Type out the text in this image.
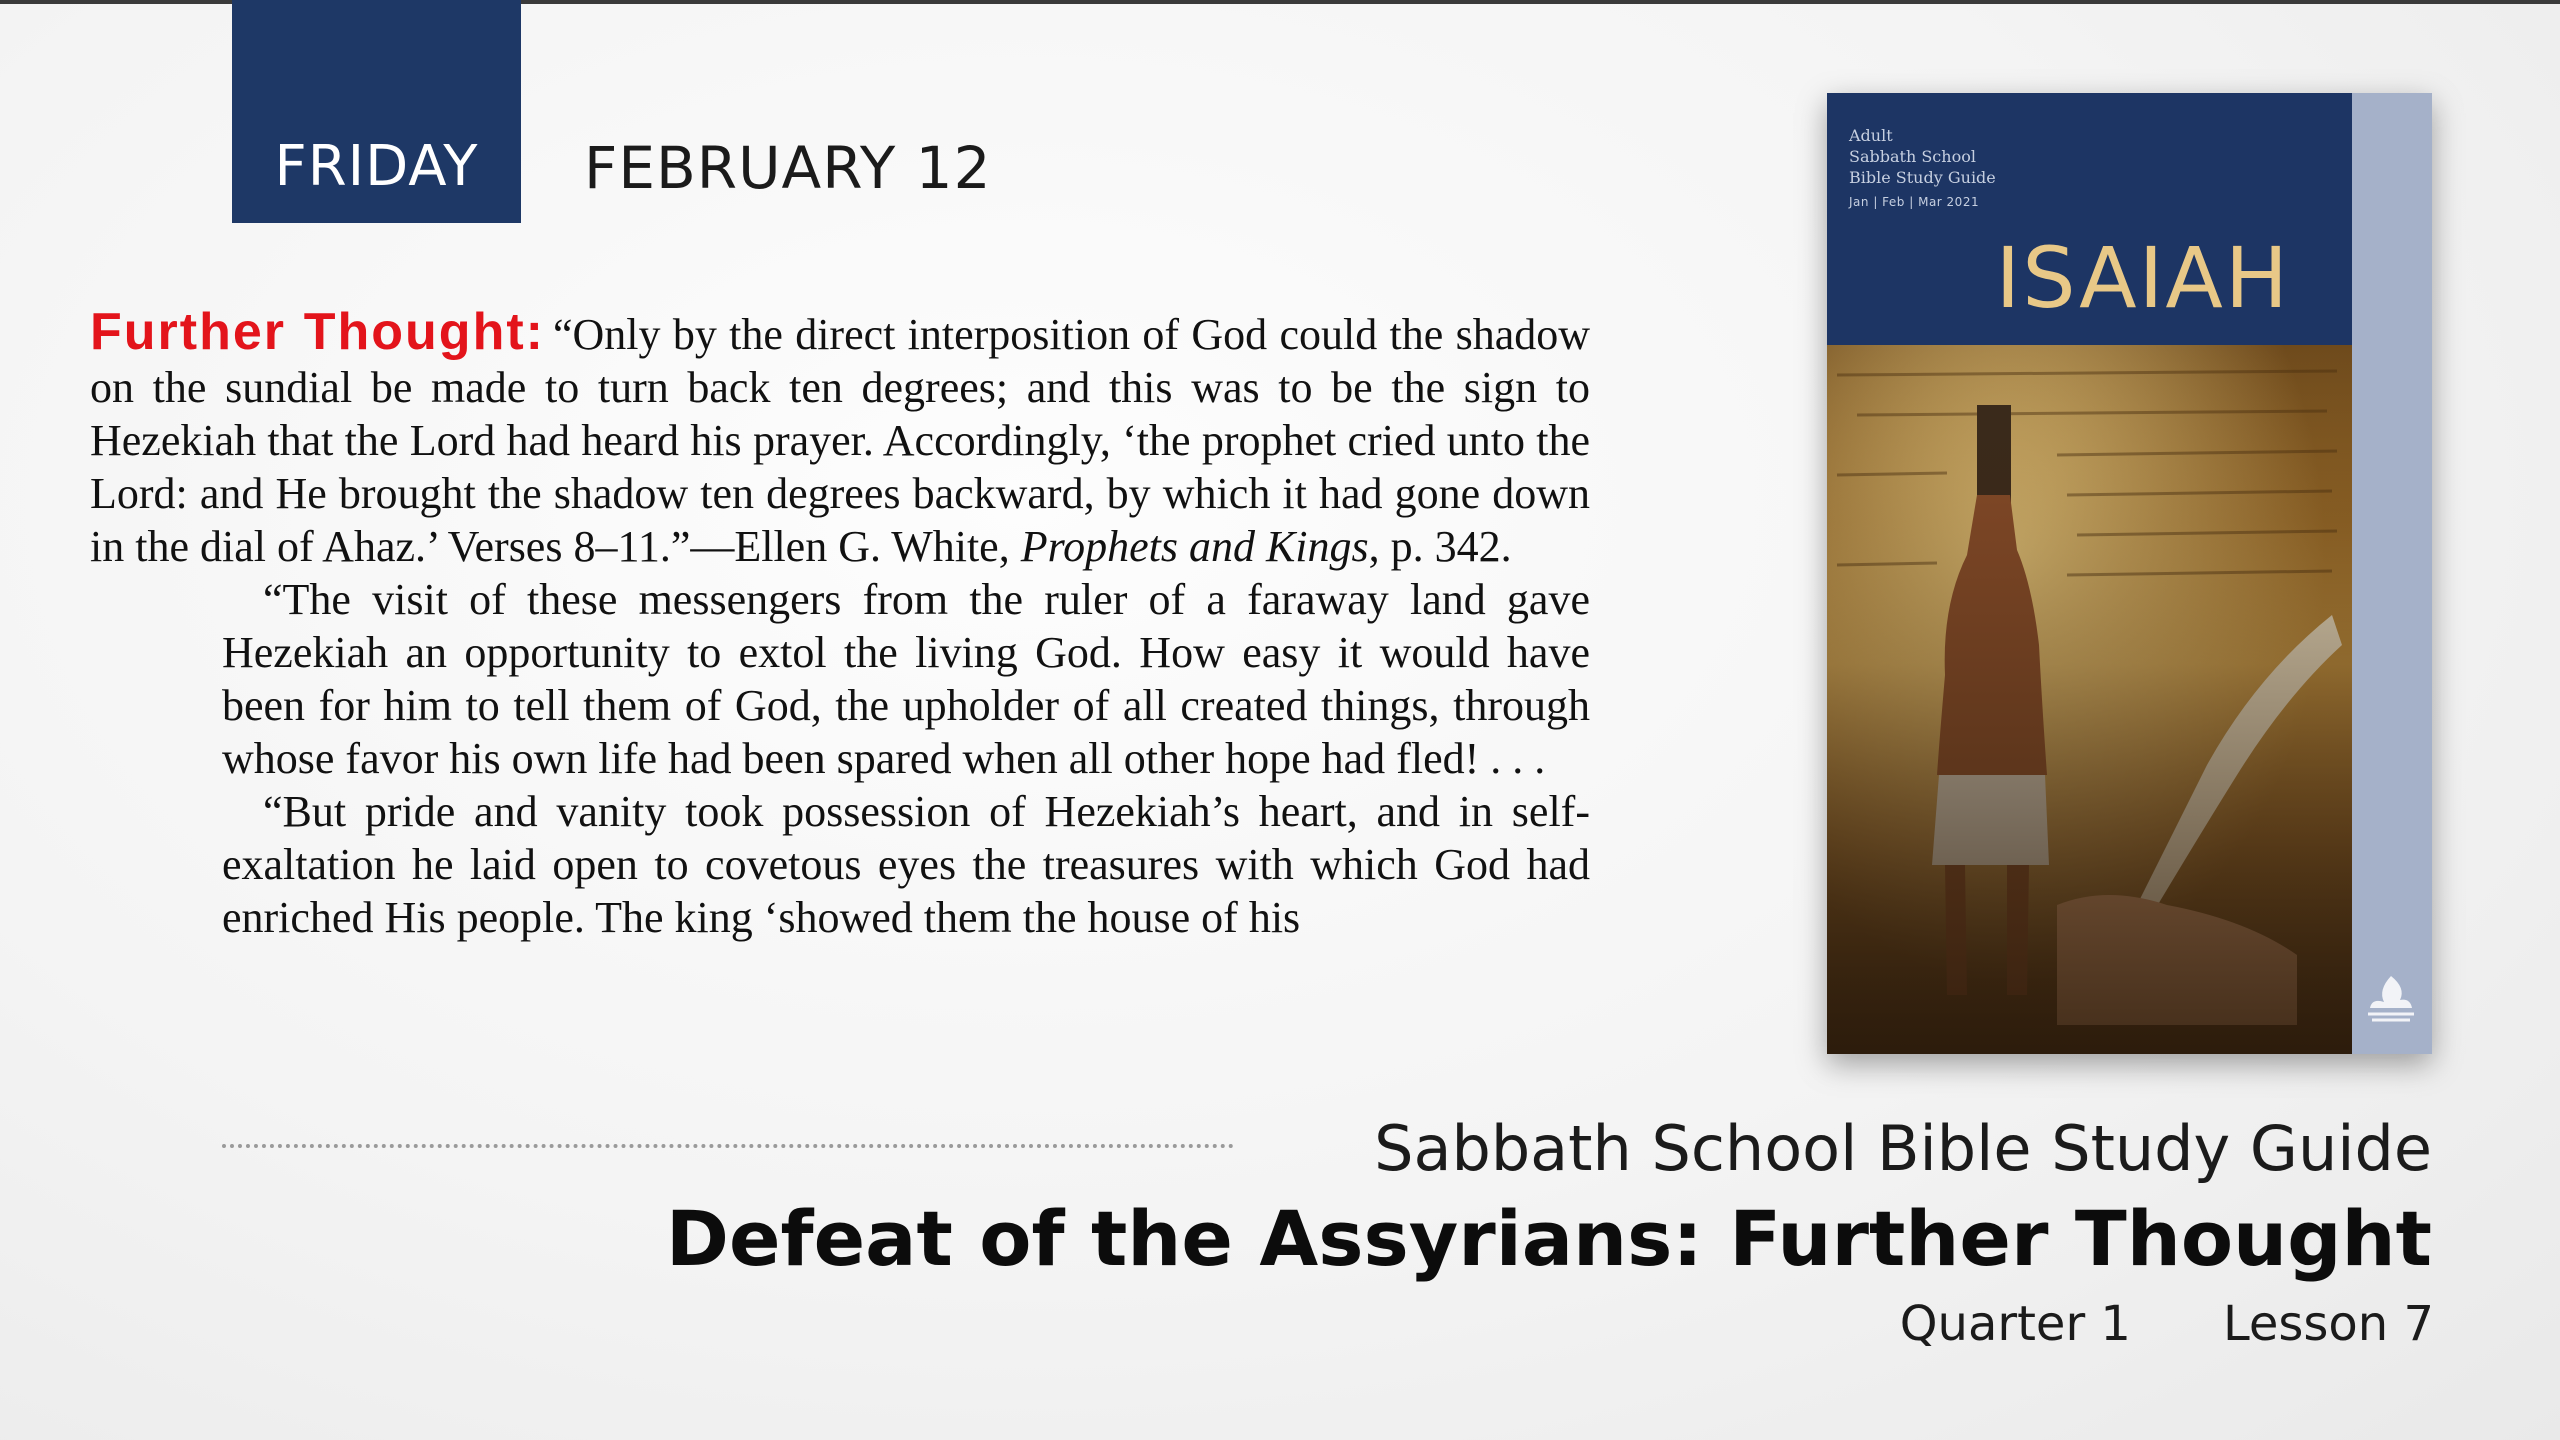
FRIDAY FEBRUARY 12

Further Thought: “Only by the direct interposition of God could the shadow on the sundial be made to turn back ten degrees; and this was to be the sign to Hezekiah that the Lord had heard his prayer. Accordingly, ‘the prophet cried unto the Lord: and He brought the shadow ten degrees backward, by which it had gone down in the dial of Ahaz.’ Verses 8–11.”—Ellen G. White, Prophets and Kings, p. 342.

“The visit of these messengers from the ruler of a faraway land gave Hezekiah an opportunity to extol the living God. How easy it would have been for him to tell them of God, the upholder of all created things, through whose favor his own life had been spared when all other hope had fled! . . .

“But pride and vanity took possession of Hezekiah’s heart, and in self-exaltation he laid open to covetous eyes the treasures with which God had enriched His people. The king ‘showed them the house of his

Adult
Sabbath School
Bible Study Guide
Jan | Feb | Mar 2021
ISAIAH
Sabbath School Bible Study Guide
Defeat of the Assyrians: Further Thought
Quarter 1 Lesson 7
